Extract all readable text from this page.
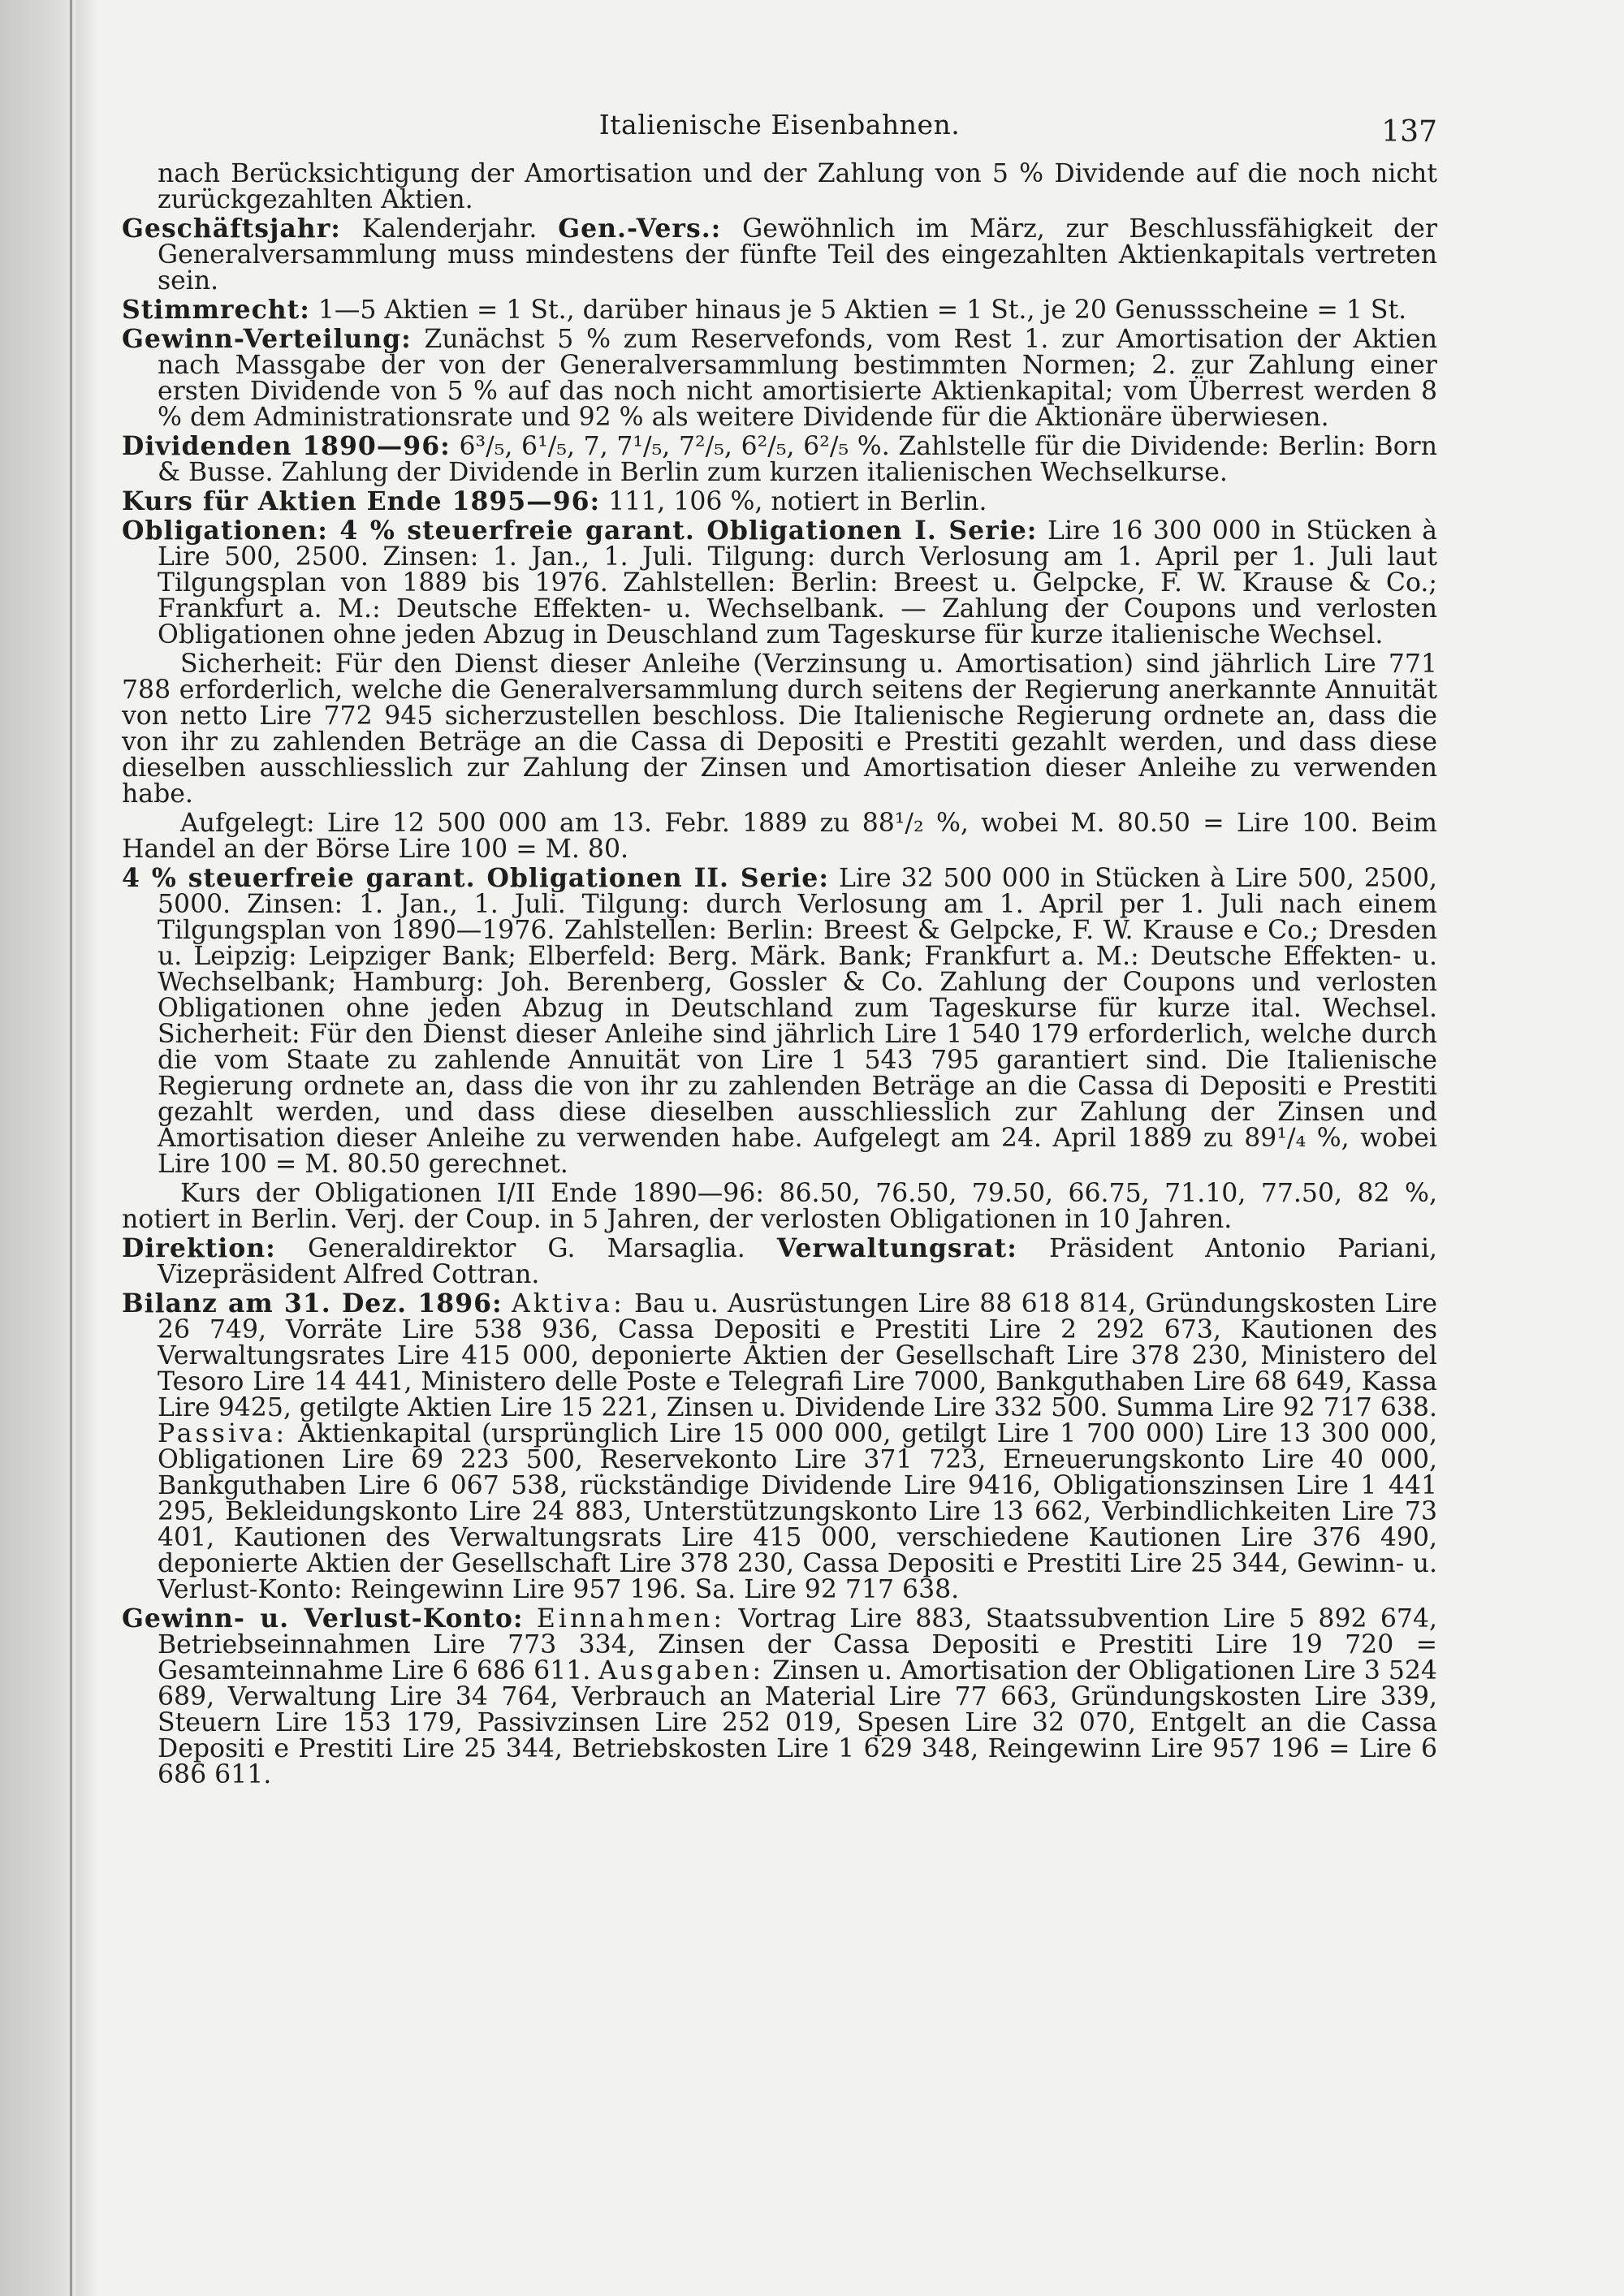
Italienische Eisenbahnen.	137

nach Berücksichtigung der Amortisation und der Zahlung von 5 % Dividende auf die noch nicht zurückgezahlten Aktien.

Geschäftsjahr: Kalenderjahr. Gen.-Vers.: Gewöhnlich im März, zur Beschlussfähigkeit der Generalversammlung muss mindestens der fünfte Teil des eingezahlten Aktienkapitals vertreten sein.

Stimmrecht: 1—5 Aktien = 1 St., darüber hinaus je 5 Aktien = 1 St., je 20 Genussscheine = 1 St.

Gewinn-Verteilung: Zunächst 5 % zum Reservefonds, vom Rest 1. zur Amortisation der Aktien nach Massgabe der von der Generalversammlung bestimmten Normen; 2. zur Zahlung einer ersten Dividende von 5 % auf das noch nicht amortisierte Aktienkapital; vom Überrest werden 8 % dem Administrationsrate und 92 % als weitere Dividende für die Aktionäre überwiesen.

Dividenden 1890—96: 6³/₅, 6¹/₅, 7, 7¹/₅, 7²/₅, 6²/₅, 6²/₅ %. Zahlstelle für die Dividende: Berlin: Born & Busse. Zahlung der Dividende in Berlin zum kurzen italienischen Wechselkurse.

Kurs für Aktien Ende 1895—96: 111, 106 %, notiert in Berlin.

Obligationen: 4 % steuerfreie garant. Obligationen I. Serie: Lire 16 300 000 in Stücken à Lire 500, 2500. Zinsen: 1. Jan., 1. Juli. Tilgung: durch Verlosung am 1. April per 1. Juli laut Tilgungsplan von 1889 bis 1976. Zahlstellen: Berlin: Breest u. Gelpcke, F. W. Krause & Co.; Frankfurt a. M.: Deutsche Effekten- u. Wechselbank. — Zahlung der Coupons und verlosten Obligationen ohne jeden Abzug in Deuschland zum Tageskurse für kurze italienische Wechsel.

Sicherheit: Für den Dienst dieser Anleihe (Verzinsung u. Amortisation) sind jährlich Lire 771 788 erforderlich, welche die Generalversammlung durch seitens der Regierung anerkannte Annuität von netto Lire 772 945 sicherzustellen beschloss. Die Italienische Regierung ordnete an, dass die von ihr zu zahlenden Beträge an die Cassa di Depositi e Prestiti gezahlt werden, und dass diese dieselben ausschliesslich zur Zahlung der Zinsen und Amortisation dieser Anleihe zu verwenden habe.

Aufgelegt: Lire 12 500 000 am 13. Febr. 1889 zu 88¹/₂ %, wobei M. 80.50 = Lire 100. Beim Handel an der Börse Lire 100 = M. 80.

4 % steuerfreie garant. Obligationen II. Serie: Lire 32 500 000 in Stücken à Lire 500, 2500, 5000. Zinsen: 1. Jan., 1. Juli. Tilgung: durch Verlosung am 1. April per 1. Juli nach einem Tilgungsplan von 1890—1976. Zahlstellen: Berlin: Breest & Gelpcke, F. W. Krause e Co.; Dresden u. Leipzig: Leipziger Bank; Elberfeld: Berg. Märk. Bank; Frankfurt a. M.: Deutsche Effekten- u. Wechselbank; Hamburg: Joh. Berenberg, Gossler & Co. Zahlung der Coupons und verlosten Obligationen ohne jeden Abzug in Deutschland zum Tageskurse für kurze ital. Wechsel. Sicherheit: Für den Dienst dieser Anleihe sind jährlich Lire 1 540 179 erforderlich, welche durch die vom Staate zu zahlende Annuität von Lire 1 543 795 garantiert sind. Die Italienische Regierung ordnete an, dass die von ihr zu zahlenden Beträge an die Cassa di Depositi e Prestiti gezahlt werden, und dass diese dieselben ausschliesslich zur Zahlung der Zinsen und Amortisation dieser Anleihe zu verwenden habe. Aufgelegt am 24. April 1889 zu 89¹/₄ %, wobei Lire 100 = M. 80.50 gerechnet.

Kurs der Obligationen I/II Ende 1890—96: 86.50, 76.50, 79.50, 66.75, 71.10, 77.50, 82 %, notiert in Berlin. Verj. der Coup. in 5 Jahren, der verlosten Obligationen in 10 Jahren.

Direktion: Generaldirektor G. Marsaglia. Verwaltungsrat: Präsident Antonio Pariani, Vizepräsident Alfred Cottran.

Bilanz am 31. Dez. 1896: Aktiva: Bau u. Ausrüstungen Lire 88 618 814, Gründungskosten Lire 26 749, Vorräte Lire 538 936, Cassa Depositi e Prestiti Lire 2 292 673, Kautionen des Verwaltungsrates Lire 415 000, deponierte Aktien der Gesellschaft Lire 378 230, Ministero del Tesoro Lire 14 441, Ministero delle Poste e Telegrafi Lire 7000, Bankguthaben Lire 68 649, Kassa Lire 9425, getilgte Aktien Lire 15 221, Zinsen u. Dividende Lire 332 500. Summa Lire 92 717 638. Passiva: Aktienkapital (ursprünglich Lire 15 000 000, getilgt Lire 1 700 000) Lire 13 300 000, Obligationen Lire 69 223 500, Reservekonto Lire 371 723, Erneuerungskonto Lire 40 000, Bankguthaben Lire 6 067 538, rückständige Dividende Lire 9416, Obligationszinsen Lire 1 441 295, Bekleidungskonto Lire 24 883, Unterstützungskonto Lire 13 662, Verbindlichkeiten Lire 73 401, Kautionen des Verwaltungsrats Lire 415 000, verschiedene Kautionen Lire 376 490, deponierte Aktien der Gesellschaft Lire 378 230, Cassa Depositi e Prestiti Lire 25 344, Gewinn- u. Verlust-Konto: Reingewinn Lire 957 196. Sa. Lire 92 717 638.

Gewinn- u. Verlust-Konto: Einnahmen: Vortrag Lire 883, Staatssubvention Lire 5 892 674, Betriebseinnahmen Lire 773 334, Zinsen der Cassa Depositi e Prestiti Lire 19 720 = Gesamteinnahme Lire 6 686 611. Ausgaben: Zinsen u. Amortisation der Obligationen Lire 3 524 689, Verwaltung Lire 34 764, Verbrauch an Material Lire 77 663, Gründungskosten Lire 339, Steuern Lire 153 179, Passivzinsen Lire 252 019, Spesen Lire 32 070, Entgelt an die Cassa Depositi e Prestiti Lire 25 344, Betriebskosten Lire 1 629 348, Reingewinn Lire 957 196 = Lire 6 686 611.
